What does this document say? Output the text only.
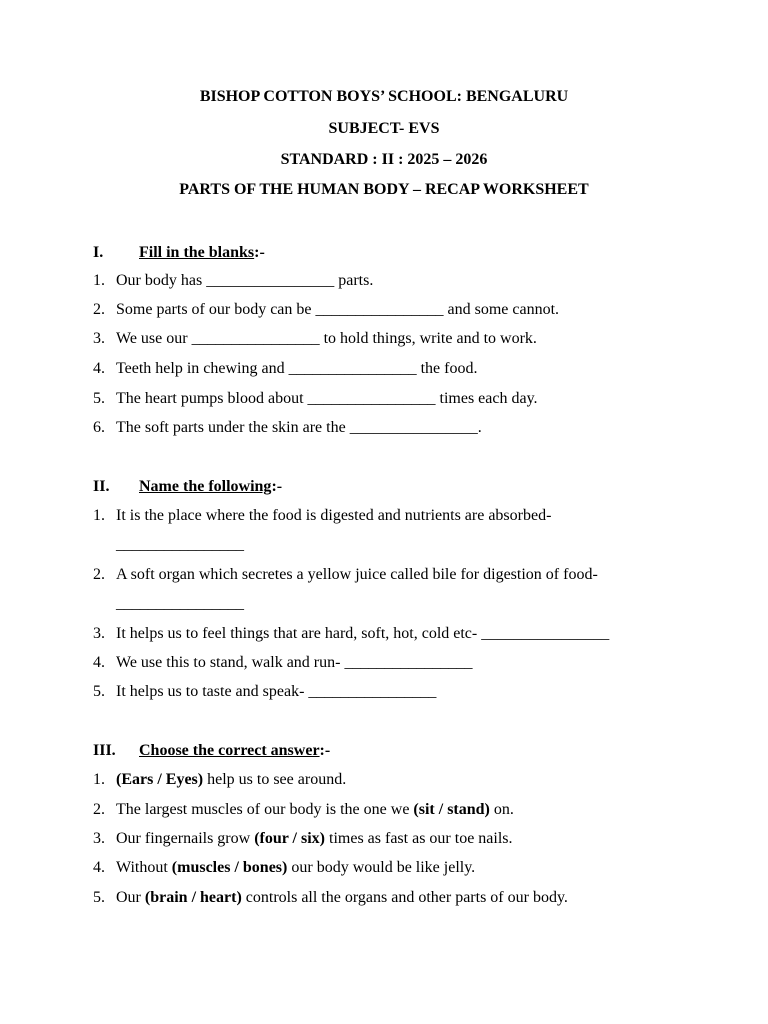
BISHOP COTTON BOYS’ SCHOOL: BENGALURU
SUBJECT- EVS
STANDARD : II : 2025 – 2026
PARTS OF THE HUMAN BODY – RECAP WORKSHEET
I. Fill in the blanks:-
1. Our body has ________________ parts.
2. Some parts of our body can be ________________ and some cannot.
3. We use our ________________ to hold things, write and to work.
4. Teeth help in chewing and ________________ the food.
5. The heart pumps blood about ________________ times each day.
6. The soft parts under the skin are the ________________.
II. Name the following:-
1. It is the place where the food is digested and nutrients are absorbed-
________________
2. A soft organ which secretes a yellow juice called bile for digestion of food-
________________
3. It helps us to feel things that are hard, soft, hot, cold etc- ________________
4. We use this to stand, walk and run- ________________
5. It helps us to taste and speak- ________________
III. Choose the correct answer:-
1. (Ears / Eyes) help us to see around.
2. The largest muscles of our body is the one we (sit / stand) on.
3. Our fingernails grow (four / six) times as fast as our toe nails.
4. Without (muscles / bones) our body would be like jelly.
5. Our (brain / heart) controls all the organs and other parts of our body.
